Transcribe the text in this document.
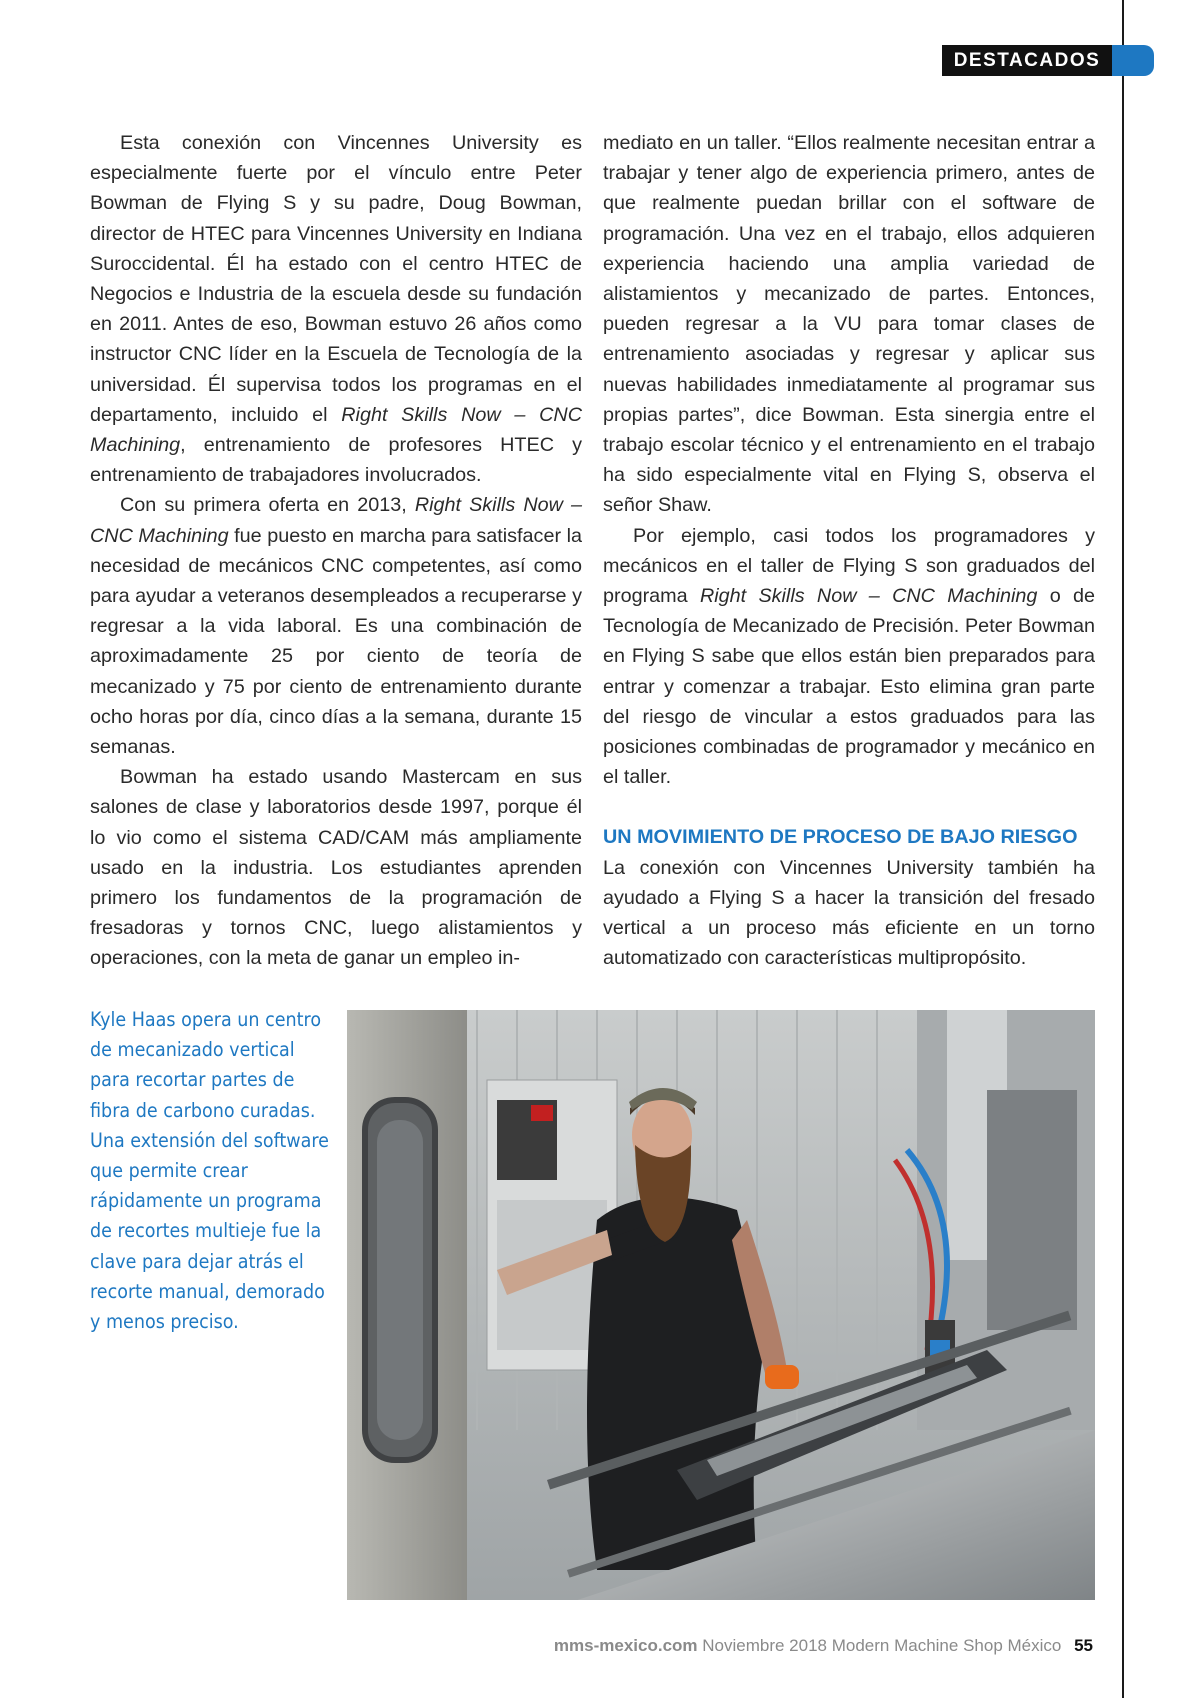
DESTACADOS

Esta conexión con Vincennes University es especialmente fuerte por el vínculo entre Peter Bowman de Flying S y su padre, Doug Bowman, director de HTEC para Vincennes University en Indiana Suroccidental. Él ha estado con el centro HTEC de Negocios e Industria de la escuela desde su fundación en 2011. Antes de eso, Bowman estuvo 26 años como instructor CNC líder en la Escuela de Tecnología de la universidad. Él supervisa todos los programas en el departamento, incluido el Right Skills Now – CNC Machining, entrenamiento de profesores HTEC y entrenamiento de trabajadores involucrados.

Con su primera oferta en 2013, Right Skills Now – CNC Machining fue puesto en marcha para satisfacer la necesidad de mecánicos CNC competentes, así como para ayudar a veteranos desempleados a recuperarse y regresar a la vida laboral. Es una combinación de aproximadamente 25 por ciento de teoría de mecanizado y 75 por ciento de entrenamiento durante ocho horas por día, cinco días a la semana, durante 15 semanas.

Bowman ha estado usando Mastercam en sus salones de clase y laboratorios desde 1997, porque él lo vio como el sistema CAD/CAM más ampliamente usado en la industria. Los estudiantes aprenden primero los fundamentos de la programación de fresadoras y tornos CNC, luego alistamientos y operaciones, con la meta de ganar un empleo in-

mediato en un taller. “Ellos realmente necesitan entrar a trabajar y tener algo de experiencia primero, antes de que realmente puedan brillar con el software de programación. Una vez en el trabajo, ellos adquieren experiencia haciendo una amplia variedad de alistamientos y mecanizado de partes. Entonces, pueden regresar a la VU para tomar clases de entrenamiento asociadas y regresar y aplicar sus nuevas habilidades inmediatamente al programar sus propias partes”, dice Bowman. Esta sinergia entre el trabajo escolar técnico y el entrenamiento en el trabajo ha sido especialmente vital en Flying S, observa el señor Shaw.

Por ejemplo, casi todos los programadores y mecánicos en el taller de Flying S son graduados del programa Right Skills Now – CNC Machining o de Tecnología de Mecanizado de Precisión. Peter Bowman en Flying S sabe que ellos están bien preparados para entrar y comenzar a trabajar. Esto elimina gran parte del riesgo de vincular a estos graduados para las posiciones combinadas de programador y mecánico en el taller.

UN MOVIMIENTO DE PROCESO DE BAJO RIESGO

La conexión con Vincennes University también ha ayudado a Flying S a hacer la transición del fresado vertical a un proceso más eficiente en un torno automatizado con características multipropósito.

Kyle Haas opera un centro de mecanizado vertical para recortar partes de fibra de carbono curadas. Una extensión del software que permite crear rápidamente un programa de recortes multieje fue la clave para dejar atrás el recorte manual, demorado y menos preciso.
mms-mexico.com Noviembre 2018 Modern Machine Shop México 55
